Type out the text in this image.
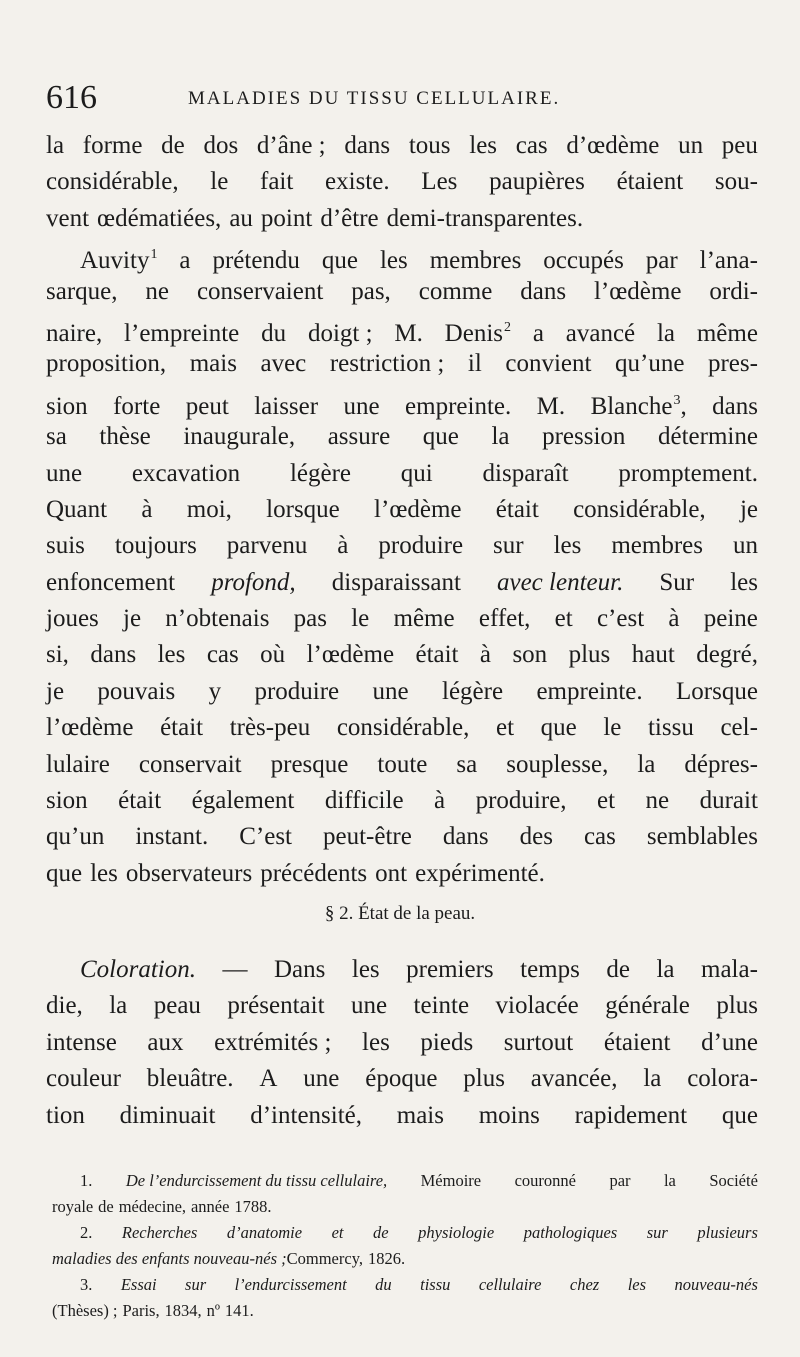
616	MALADIES DU TISSU CELLULAIRE.
la forme de dos d’âne ; dans tous les cas d’œdème un peu
considérable, le fait existe. Les paupières étaient sou-
vent œdématiées, au point d’être demi-transparentes.
Auvity$^1$ a prétendu que les membres occupés par l’ana-
sarque, ne conservaient pas, comme dans l’œdème ordi-
naire, l’empreinte du doigt ; M. Denis$^2$ a avancé la même
proposition, mais avec restriction ; il convient qu’une pres-
sion forte peut laisser une empreinte. M. Blanche$^3$, dans
sa thèse inaugurale, assure que la pression détermine
une excavation légère qui disparaît promptement.
Quant à moi, lorsque l’œdème était considérable, je
suis toujours parvenu à produire sur les membres un
enfoncement profond, disparaissant avec lenteur. Sur les
joues je n’obtenais pas le même effet, et c’est à peine
si, dans les cas où l’œdème était à son plus haut degré,
je pouvais y produire une légère empreinte. Lorsque
l’œdème était très-peu considérable, et que le tissu cel-
lulaire conservait presque toute sa souplesse, la dépres-
sion était également difficile à produire, et ne durait
qu’un instant. C’est peut-être dans des cas semblables
que les observateurs précédents ont expérimenté.
§ 2. État de la peau.
Coloration. — Dans les premiers temps de la mala-
die, la peau présentait une teinte violacée générale plus
intense aux extrémités ; les pieds surtout étaient d’une
couleur bleuâtre. A une époque plus avancée, la colora-
tion diminuait d’intensité, mais moins rapidement que
1. De l’endurcissement du tissu cellulaire, Mémoire couronné par la Société
royale de médecine, année 1788.
2. Recherches d’anatomie et de physiologie pathologiques sur plusieurs
maladies des enfants nouveau-nés ; Commercy, 1826.
3. Essai sur l’endurcissement du tissu cellulaire chez les nouveau-nés
(Thèses) ; Paris, 1834, nº 141.
